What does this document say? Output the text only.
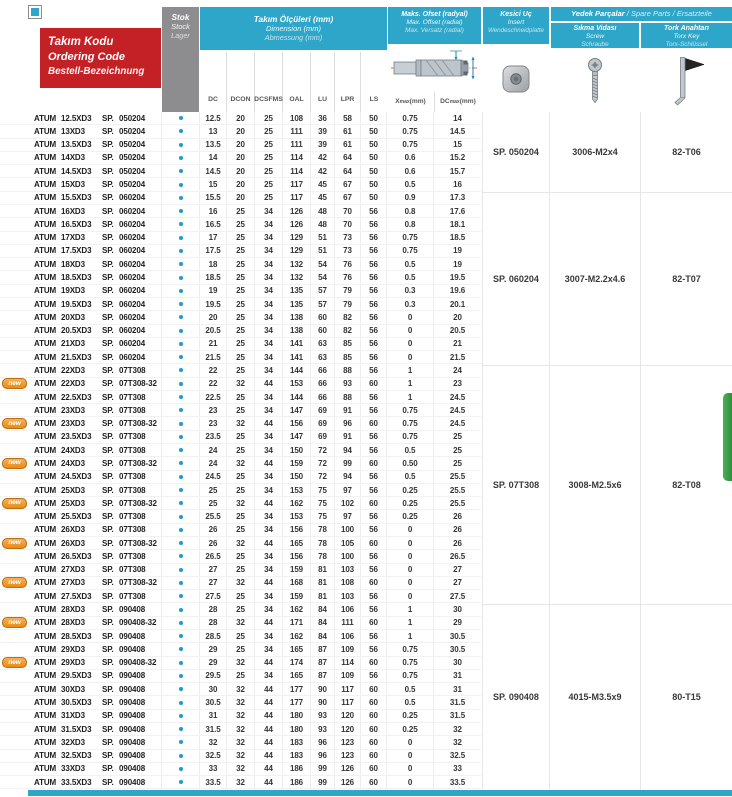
Takım Kodu
Ordering Code
Bestell-Bezeichnung
Stok
Stock
Lager
Takım Ölçüleri (mm)
Dimension (mm)
Abmessung (mm)
DC	DCON DCSFMS OAL	LU	LPR	LS
Maks. Ofset (radyal)
Max. Offset (radial)
Max. Versatz (radial)
X max (mm) DC max (mm)
Kesici Uç
Insert
Wendeschneidplatte
Yedek Parçalar / Spare Parts / Ersatzteile
Sıkma Vidası
Screw
Schraube
Tork Anahtarı
Torx Key
Torx-Schlüssel
ATUM 12.5XD3	SP. 050204	12.5	20	25	108	36	58	50	0.75	14
ATUM 13XD3	SP. 050204	13	20	25	111	39	61	50	0.75	14.5
ATUM 13.5XD3	SP. 050204	13.5	20	25	111	39	61	50	0.75	15
ATUM 14XD3	SP. 050204	14	20	25	114	42	64	50	0.6	15.2
ATUM 14.5XD3	SP. 050204	14.5	20	25	114	42	64	50	0.6	15.7
ATUM 15XD3	SP. 050204	15	20	25	117	45	67	50	0.5	16
ATUM 15.5XD3	SP. 060204	15.5	20	25	117	45	67	50	0.9	17.3
ATUM 16XD3	SP. 060204	16	25	34	126	48	70	56	0.8	17.6
ATUM 16.5XD3	SP. 060204	16.5	25	34	126	48	70	56	0.8	18.1
ATUM 17XD3	SP. 060204	17	25	34	129	51	73	56	0.75	18.5
ATUM 17.5XD3	SP. 060204	17.5	25	34	129	51	73	56	0.75	19
ATUM 18XD3	SP. 060204	18	25	34	132	54	76	56	0.5	19
ATUM 18.5XD3	SP. 060204	18.5	25	34	132	54	76	56	0.5	19.5
ATUM 19XD3	SP. 060204	19	25	34	135	57	79	56	0.3	19.6
ATUM 19.5XD3	SP. 060204	19.5	25	34	135	57	79	56	0.3	20.1
ATUM 20XD3	SP. 060204	20	25	34	138	60	82	56	0	20
ATUM 20.5XD3	SP. 060204	20.5	25	34	138	60	82	56	0	20.5
ATUM 21XD3	SP. 060204	21	25	34	141	63	85	56	0	21
ATUM 21.5XD3	SP. 060204	21.5	25	34	141	63	85	56	0	21.5
ATUM 22XD3	SP. 07T308	22	25	34	144	66	88	56	1	24
new	ATUM 22XD3	SP. 07T308-32	22	32	44	153	66	93	60	1	23
ATUM 22.5XD3	SP. 07T308	22.5	25	34	144	66	88	56	1	24.5
ATUM 23XD3	SP. 07T308	23	25	34	147	69	91	56	0.75	24.5
new	ATUM 23XD3	SP. 07T308-32	23	32	44	156	69	96	60	0.75	24.5
ATUM 23.5XD3	SP. 07T308	23.5	25	34	147	69	91	56	0.75	25
ATUM 24XD3	SP. 07T308	24	25	34	150	72	94	56	0.5	25
new	ATUM 24XD3	SP. 07T308-32	24	32	44	159	72	99	60	0.50	25
ATUM 24.5XD3	SP. 07T308	24.5	25	34	150	72	94	56	0.5	25.5
ATUM 25XD3	SP. 07T308	25	25	34	153	75	97	56	0.25	25.5
new	ATUM 25XD3	SP. 07T308-32	25	32	44	162	75	102	60	0.25	25.5
ATUM 25.5XD3	SP. 07T308	25.5	25	34	153	75	97	56	0.25	26
ATUM 26XD3	SP. 07T308	26	25	34	156	78	100	56	0	26
new	ATUM 26XD3	SP. 07T308-32	26	32	44	165	78	105	60	0	26
ATUM 26.5XD3	SP. 07T308	26.5	25	34	156	78	100	56	0	26.5
ATUM 27XD3	SP. 07T308	27	25	34	159	81	103	56	0	27
new	ATUM 27XD3	SP. 07T308-32	27	32	44	168	81	108	60	0	27
ATUM 27.5XD3	SP. 07T308	27.5	25	34	159	81	103	56	0	27.5
ATUM 28XD3	SP. 090408	28	25	34	162	84	106	56	1	30
new	ATUM 28XD3	SP. 090408-32	28	32	44	171	84	111	60	1	29
ATUM 28.5XD3	SP. 090408	28.5	25	34	162	84	106	56	1	30.5
ATUM 29XD3	SP. 090408	29	25	34	165	87	109	56	0.75	30.5
new	ATUM 29XD3	SP. 090408-32	29	32	44	174	87	114	60	0.75	30
ATUM 29.5XD3	SP. 090408	29.5	25	34	165	87	109	56	0.75	31
ATUM 30XD3	SP. 090408	30	32	44	177	90	117	60	0.5	31
ATUM 30.5XD3	SP. 090408	30.5	32	44	177	90	117	60	0.5	31.5
ATUM 31XD3	SP. 090408	31	32	44	180	93	120	60	0.25	31.5
ATUM 31.5XD3	SP. 090408	31.5	32	44	180	93	120	60	0.25	32
ATUM 32XD3	SP. 090408	32	32	44	183	96	123	60	0	32
ATUM 32.5XD3	SP. 090408	32.5	32	44	183	96	123	60	0	32.5
ATUM 33XD3	SP. 090408	33	32	44	186	99	126	60	0	33
ATUM 33.5XD3	SP. 090408	33.5	32	44	186	99	126	60	0	33.5
SP. 050204	3006-M2x4	82-T06
SP. 060204	3007-M2.2x4.6	82-T07
SP. 07T308	3008-M2.5x6	82-T08
SP. 090408	4015-M3.5x9	80-T15
